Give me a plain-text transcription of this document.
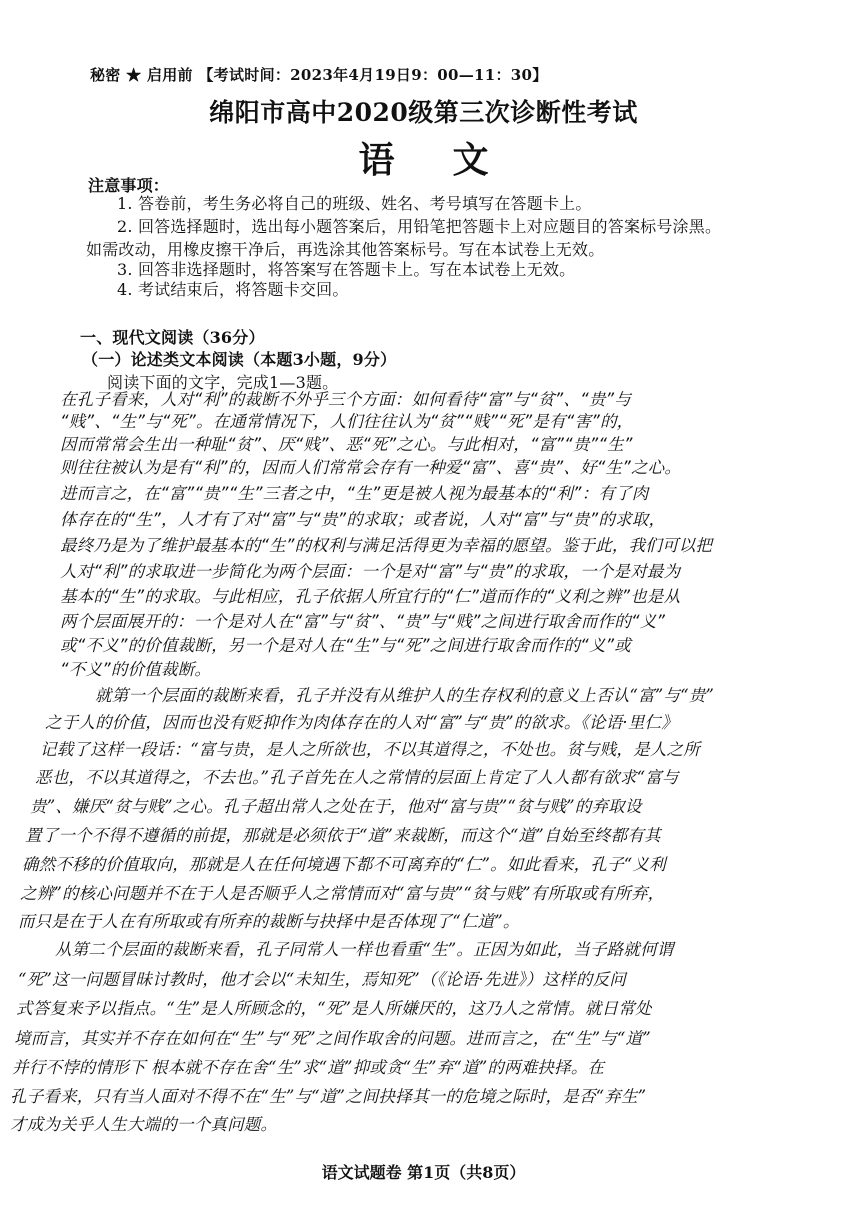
秘密 ★ 启用前 【考试时间：2023年4月19日9：00—11：30】
绵阳市高中2020级第三次诊断性考试
语文
注意事项：
1. 答卷前，考生务必将自己的班级、姓名、考号填写在答题卡上。
2. 回答选择题时，选出每小题答案后，用铅笔把答题卡上对应题目的答案标号涂黑。
如需改动，用橡皮擦干净后，再选涂其他答案标号。写在本试卷上无效。
3. 回答非选择题时，将答案写在答题卡上。写在本试卷上无效。
4. 考试结束后，将答题卡交回。
一、现代文阅读（36分）
（一）论述类文本阅读（本题3小题，9分）
阅读下面的文字，完成1—3题。
在孔子看来，人对“利”的裁断不外乎三个方面：如何看待“富”与“贫”、“贵”与
“贱”、“生”与“死”。在通常情况下，人们往往认为“贫”“贱”“死”是有“害”的，
因而常常会生出一种耻“贫”、厌“贱”、恶“死”之心。与此相对，“富”“贵”“生”
则往往被认为是有“利”的，因而人们常常会存有一种爱“富”、喜“贵”、好“生”之心。
进而言之，在“富”“贵”“生”三者之中，“生”更是被人视为最基本的“利”：有了肉
体存在的“生”，人才有了对“富”与“贵”的求取；或者说，人对“富”与“贵”的求取，
最终乃是为了维护最基本的“生”的权利与满足活得更为幸福的愿望。鉴于此，我们可以把
人对“利”的求取进一步简化为两个层面：一个是对“富”与“贵”的求取，一个是对最为
基本的“生”的求取。与此相应，孔子依据人所宜行的“仁”道而作的“义利之辨”也是从
两个层面展开的：一个是对人在“富”与“贫”、“贵”与“贱”之间进行取舍而作的“义”
或“不义”的价值裁断，另一个是对人在“生”与“死”之间进行取舍而作的“义”或
“不义”的价值裁断。
就第一个层面的裁断来看，孔子并没有从维护人的生存权利的意义上否认“富”与“贵”
之于人的价值，因而也没有贬抑作为肉体存在的人对“富”与“贵”的欲求。《论语·里仁》
记载了这样一段话：“富与贵，是人之所欲也，不以其道得之，不处也。贫与贱，是人之所
恶也，不以其道得之，不去也。”孔子首先在人之常情的层面上肯定了人人都有欲求“富与
贵”、嫌厌“贫与贱”之心。孔子超出常人之处在于，他对“富与贵”“贫与贱”的弃取设
置了一个不得不遵循的前提，那就是必须依于“道”来裁断，而这个“道”自始至终都有其
确然不移的价值取向，那就是人在任何境遇下都不可离弃的“仁”。如此看来，孔子“义利
之辨”的核心问题并不在于人是否顺乎人之常情而对“富与贵”“贫与贱”有所取或有所弃，
而只是在于人在有所取或有所弃的裁断与抉择中是否体现了“仁道”。
从第二个层面的裁断来看，孔子同常人一样也看重“生”。正因为如此，当子路就何谓
“死”这一问题冒昧讨教时，他才会以“未知生，焉知死”（《论语·先进》）这样的反问
式答复来予以指点。“生”是人所顾念的，“死”是人所嫌厌的，这乃人之常情。就日常处
境而言，其实并不存在如何在“生”与“死”之间作取舍的问题。进而言之，在“生”与“道”
并行不悖的情形下 根本就不存在舍“生”求“道”抑或贪“生”弃“道”的两难抉择。在
孔子看来，只有当人面对不得不在“生”与“道”之间抉择其一的危境之际时，是否“弃生”
才成为关乎人生大端的一个真问题。
语文试题卷 第1页（共8页）
